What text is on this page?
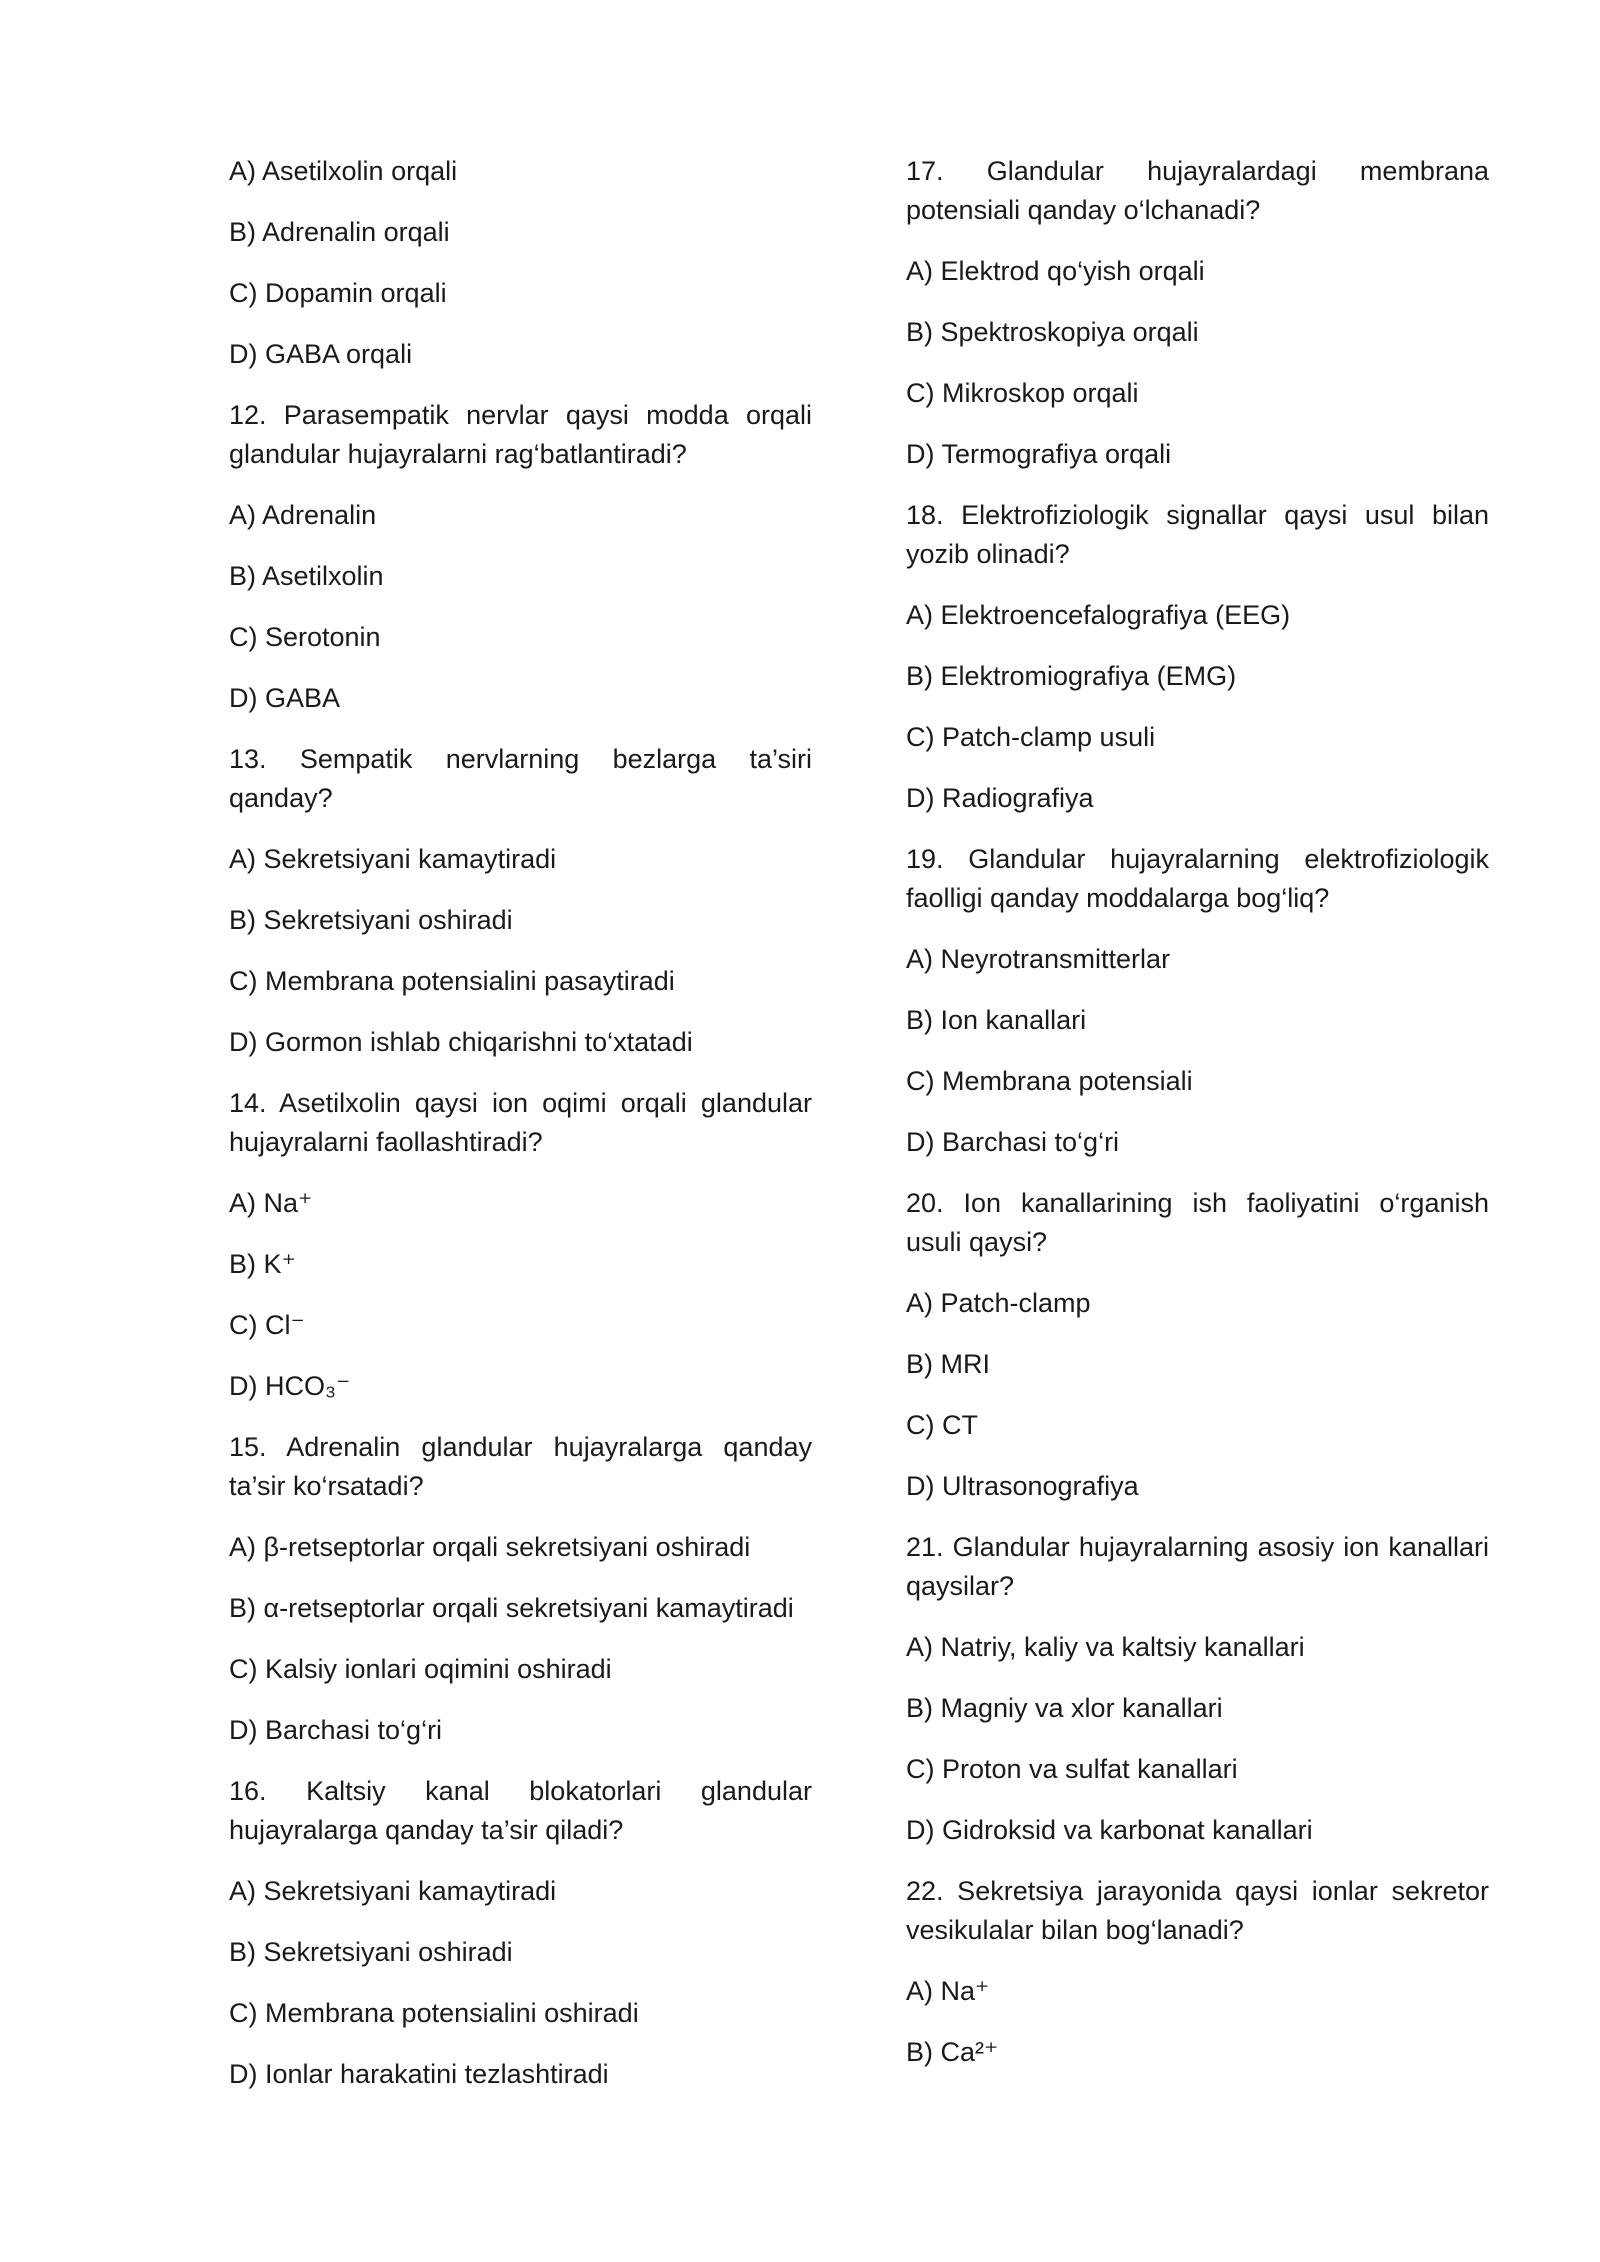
A) Asetilxolin orqali

B) Adrenalin orqali

C) Dopamin orqali

D) GABA orqali

12. Parasempatik nervlar qaysi modda orqali glandular hujayralarni rag‘batlantiradi?

A) Adrenalin

B) Asetilxolin

C) Serotonin

D) GABA

13. Sempatik nervlarning bezlarga ta’siri qanday?

A) Sekretsiyani kamaytiradi

B) Sekretsiyani oshiradi

C) Membrana potensialini pasaytiradi

D) Gormon ishlab chiqarishni to‘xtatadi

14. Asetilxolin qaysi ion oqimi orqali glandular hujayralarni faollashtiradi?

A) Na⁺

B) K⁺

C) Cl⁻

D) HCO₃⁻

15. Adrenalin glandular hujayralarga qanday ta’sir ko‘rsatadi?

A) β-retseptorlar orqali sekretsiyani oshiradi

B) α-retseptorlar orqali sekretsiyani kamaytiradi

C) Kalsiy ionlari oqimini oshiradi

D) Barchasi to‘g‘ri

16. Kaltsiy kanal blokatorlari glandular hujayralarga qanday ta’sir qiladi?

A) Sekretsiyani kamaytiradi

B) Sekretsiyani oshiradi

C) Membrana potensialini oshiradi

D) Ionlar harakatini tezlashtiradi

17. Glandular hujayralardagi membrana potensiali qanday o‘lchanadi?

A) Elektrod qo‘yish orqali

B) Spektroskopiya orqali

C) Mikroskop orqali

D) Termografiya orqali

18. Elektrofiziologik signallar qaysi usul bilan yozib olinadi?

A) Elektroencefalografiya (EEG)

B) Elektromiografiya (EMG)

C) Patch-clamp usuli

D) Radiografiya

19. Glandular hujayralarning elektrofiziologik faolligi qanday moddalarga bog‘liq?

A) Neyrotransmitterlar

B) Ion kanallari

C) Membrana potensiali

D) Barchasi to‘g‘ri

20. Ion kanallarining ish faoliyatini o‘rganish usuli qaysi?

A) Patch-clamp

B) MRI

C) CT

D) Ultrasonografiya

21. Glandular hujayralarning asosiy ion kanallari qaysilar?

A) Natriy, kaliy va kaltsiy kanallari

B) Magniy va xlor kanallari

C) Proton va sulfat kanallari

D) Gidroksid va karbonat kanallari

22. Sekretsiya jarayonida qaysi ionlar sekretor vesikulalar bilan bog‘lanadi?

A) Na⁺

B) Ca²⁺
